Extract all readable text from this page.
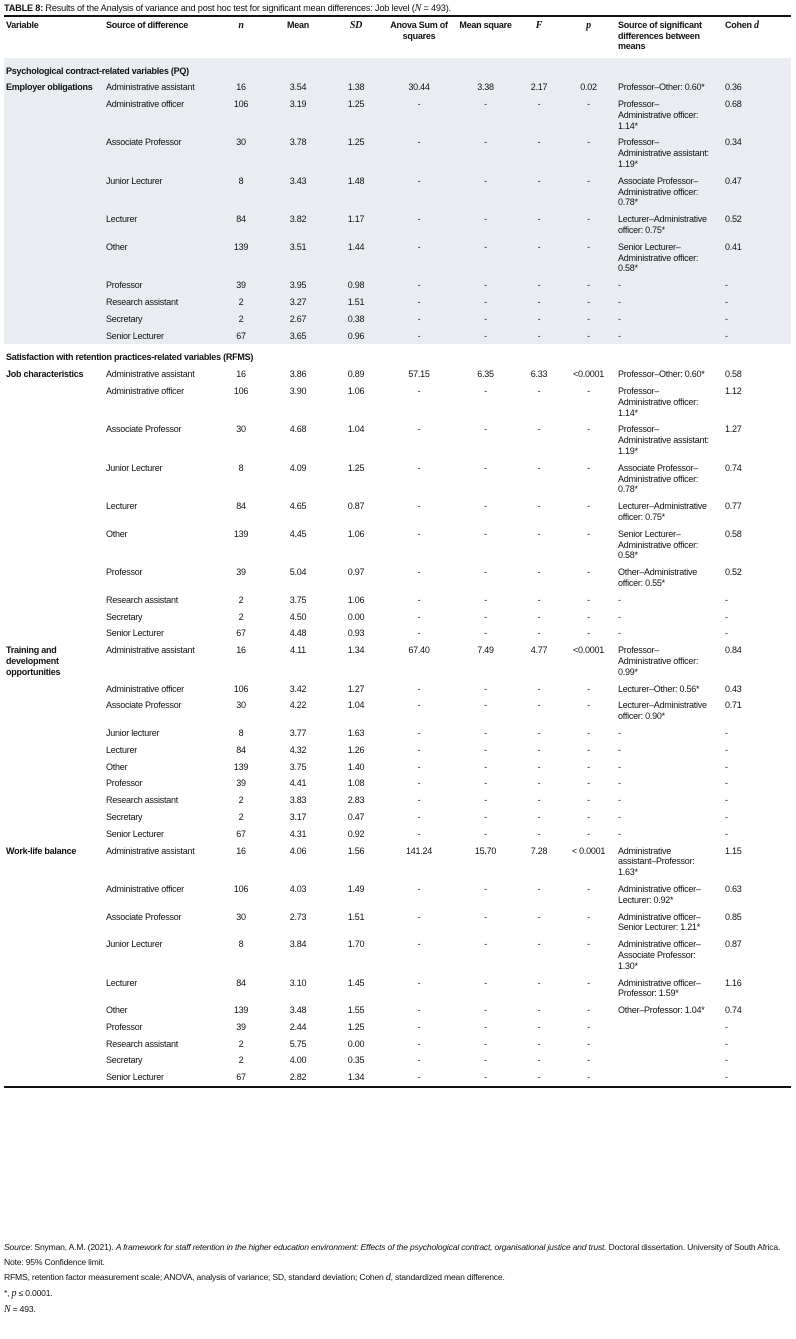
TABLE 8: Results of the Analysis of variance and post hoc test for significant mean differences: Job level (N = 493).
Variable	Source of difference	n	Mean	SD	Anova Sum of squares	Mean square	F	p	Source of significant differences between means	Cohen d
Psychological contract-related variables (PQ)										
Employer obligations	Administrative assistant	16	3.54	1.38	30.44	3.38	2.17	0.02	Professor–Other: 0.60*	0.36
	Administrative officer	106	3.19	1.25	-	-	-	-	Professor–Administrative officer: 1.14*	0.68
	Associate Professor	30	3.78	1.25	-	-	-	-	Professor–Administrative assistant: 1.19*	0.34
	Junior Lecturer	8	3.43	1.48	-	-	-	-	Associate Professor–Administrative officer: 0.78*	0.47
	Lecturer	84	3.82	1.17	-	-	-	-	Lecturer–Administrative officer: 0.75*	0.52
	Other	139	3.51	1.44	-	-	-	-	Senior Lecturer–Administrative officer: 0.58*	0.41
	Professor	39	3.95	0.98	-	-	-	-	-	-
	Research assistant	2	3.27	1.51	-	-	-	-	-	-
	Secretary	2	2.67	0.38	-	-	-	-	-	-
	Senior Lecturer	67	3.65	0.96	-	-	-	-	-	-
Satisfaction with retention practices-related variables (RFMS)										
Job characteristics	Administrative assistant	16	3.86	0.89	57.15	6.35	6.33	<0.0001	Professor–Other: 0.60*	0.58
	Administrative officer	106	3.90	1.06	-	-	-	-	Professor–Administrative officer: 1.14*	1.12
	Associate Professor	30	4.68	1.04	-	-	-	-	Professor–Administrative assistant: 1.19*	1.27
	Junior Lecturer	8	4.09	1.25	-	-	-	-	Associate Professor–Administrative officer: 0.78*	0.74
	Lecturer	84	4.65	0.87	-	-	-	-	Lecturer–Administrative officer: 0.75*	0.77
	Other	139	4.45	1.06	-	-	-	-	Senior Lecturer–Administrative officer: 0.58*	0.58
	Professor	39	5.04	0.97	-	-	-	-	Other–Administrative officer: 0.55*	0.52
	Research assistant	2	3.75	1.06	-	-	-	-	-	-
	Secretary	2	4.50	0.00	-	-	-	-	-	-
	Senior Lecturer	67	4.48	0.93	-	-	-	-	-	-
Training and development opportunities	Administrative assistant	16	4.11	1.34	67.40	7.49	4.77	<0.0001	Professor–Administrative officer: 0.99*	0.84
	Administrative officer	106	3.42	1.27	-	-	-	-	Lecturer–Other: 0.56*	0.43
	Associate Professor	30	4.22	1.04	-	-	-	-	Lecturer–Administrative officer: 0.90*	0.71
	Junior lecturer	8	3.77	1.63	-	-	-	-	-	-
	Lecturer	84	4.32	1.26	-	-	-	-	-	-
	Other	139	3.75	1.40	-	-	-	-	-	-
	Professor	39	4.41	1.08	-	-	-	-	-	-
	Research assistant	2	3.83	2.83	-	-	-	-	-	-
	Secretary	2	3.17	0.47	-	-	-	-	-	-
	Senior Lecturer	67	4.31	0.92	-	-	-	-	-	-
Work-life balance	Administrative assistant	16	4.06	1.56	141.24	15.70	7.28	< 0.0001	Administrative assistant–Professor: 1.63*	1.15
	Administrative officer	106	4.03	1.49	-	-	-	-	Administrative officer–Lecturer: 0.92*	0.63
	Associate Professor	30	2.73	1.51	-	-	-	-	Administrative officer–Senior Lecturer: 1.21*	0.85
	Junior Lecturer	8	3.84	1.70	-	-	-	-	Administrative officer–Associate Professor: 1.30*	0.87
	Lecturer	84	3.10	1.45	-	-	-	-	Administrative officer–Professor: 1.59*	1.16
	Other	139	3.48	1.55	-	-	-	-	Other–Professor: 1.04*	0.74
	Professor	39	2.44	1.25	-	-	-	-		-
	Research assistant	2	5.75	0.00	-	-	-	-		-
	Secretary	2	4.00	0.35	-	-	-	-		-
	Senior Lecturer	67	2.82	1.34	-	-	-	-		-
Source: Snyman, A.M. (2021). A framework for staff retention in the higher education environment: Effects of the psychological contract, organisational justice and trust. Doctoral dissertation. University of South Africa.
Note: 95% Confidence limit.
RFMS, retention factor measurement scale; ANOVA, analysis of variance; SD, standard deviation; Cohen d, standardized mean difference.
*, p ≤ 0.0001.
N = 493.
